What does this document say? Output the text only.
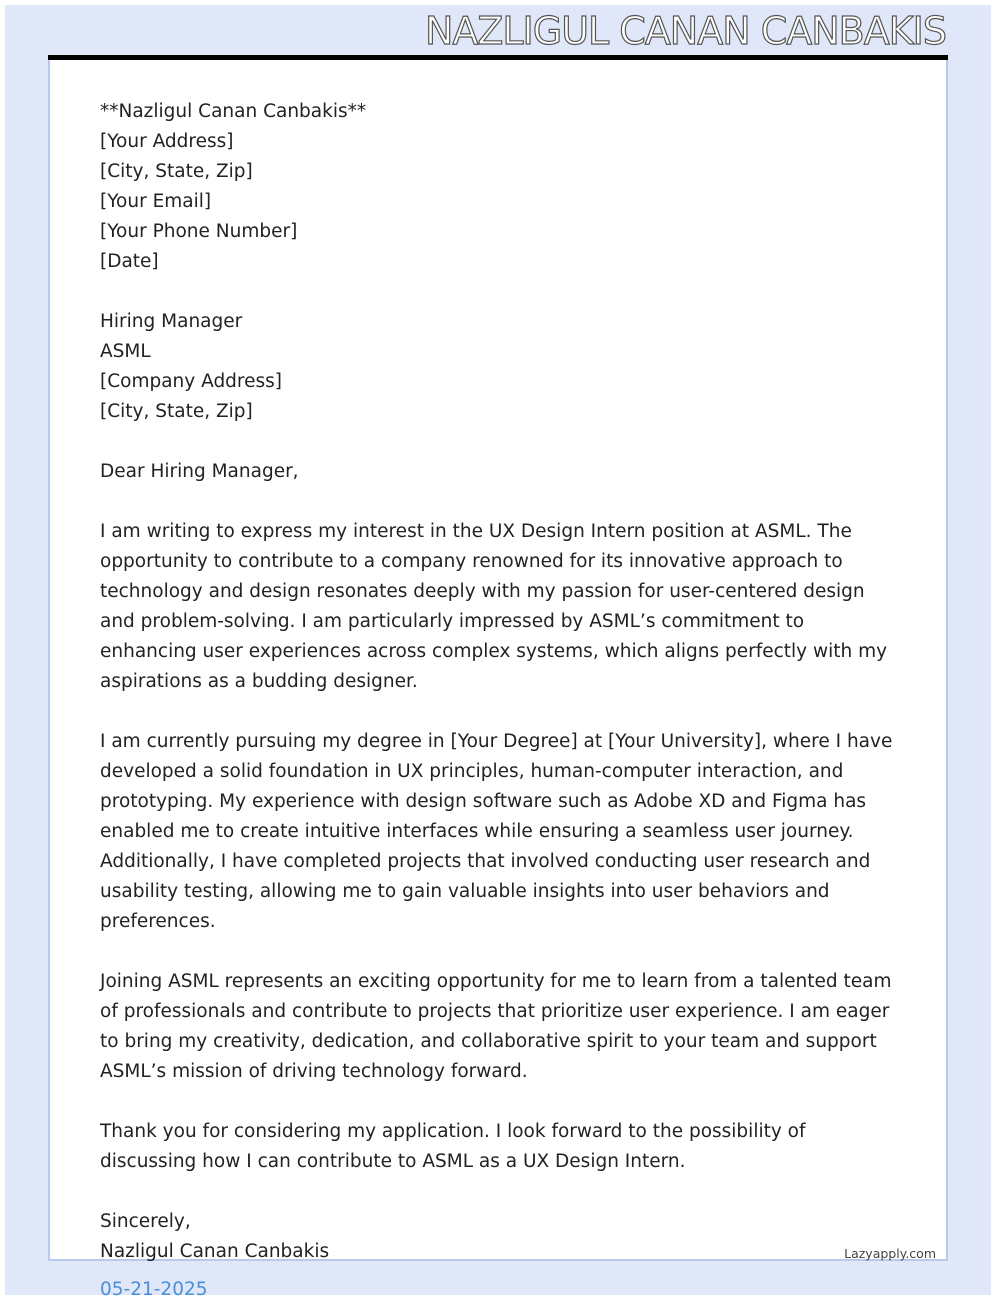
NAZLIGUL CANAN CANBAKIS
**Nazligul Canan Canbakis**
[Your Address]
[City, State, Zip]
[Your Email]
[Your Phone Number]
[Date]
Hiring Manager
ASML
[Company Address]
[City, State, Zip]

Dear Hiring Manager,

I am writing to express my interest in the UX Design Intern position at ASML. The opportunity to contribute to a company renowned for its innovative approach to technology and design resonates deeply with my passion for user-centered design and problem-solving. I am particularly impressed by ASML’s commitment to enhancing user experiences across complex systems, which aligns perfectly with my aspirations as a budding designer.

I am currently pursuing my degree in [Your Degree] at [Your University], where I have developed a solid foundation in UX principles, human-computer interaction, and prototyping. My experience with design software such as Adobe XD and Figma has enabled me to create intuitive interfaces while ensuring a seamless user journey. Additionally, I have completed projects that involved conducting user research and usability testing, allowing me to gain valuable insights into user behaviors and preferences.

Joining ASML represents an exciting opportunity for me to learn from a talented team of professionals and contribute to projects that prioritize user experience. I am eager to bring my creativity, dedication, and collaborative spirit to your team and support ASML’s mission of driving technology forward.

Thank you for considering my application. I look forward to the possibility of discussing how I can contribute to ASML as a UX Design Intern.

Sincerely,
Nazligul Canan Canbakis	Lazyapply.com
05-21-2025
